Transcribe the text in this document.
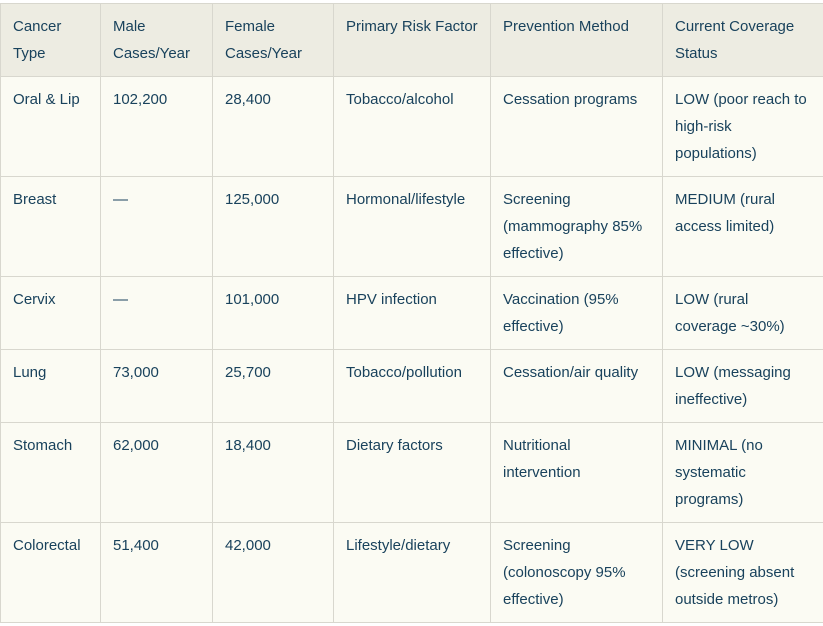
Cancer Type	Male Cases/Year	Female Cases/Year	Primary Risk Factor	Prevention Method	Current Coverage Status
Oral & Lip	102,200	28,400	Tobacco/alcohol	Cessation programs	LOW (poor reach to high-risk populations)
Breast	—	125,000	Hormonal/lifestyle	Screening (mammography 85% effective)	MEDIUM (rural access limited)
Cervix	—	101,000	HPV infection	Vaccination (95% effective)	LOW (rural coverage ~30%)
Lung	73,000	25,700	Tobacco/pollution	Cessation/air quality	LOW (messaging ineffective)
Stomach	62,000	18,400	Dietary factors	Nutritional intervention	MINIMAL (no systematic programs)
Colorectal	51,400	42,000	Lifestyle/dietary	Screening (colonoscopy 95% effective)	VERY LOW (screening absent outside metros)
